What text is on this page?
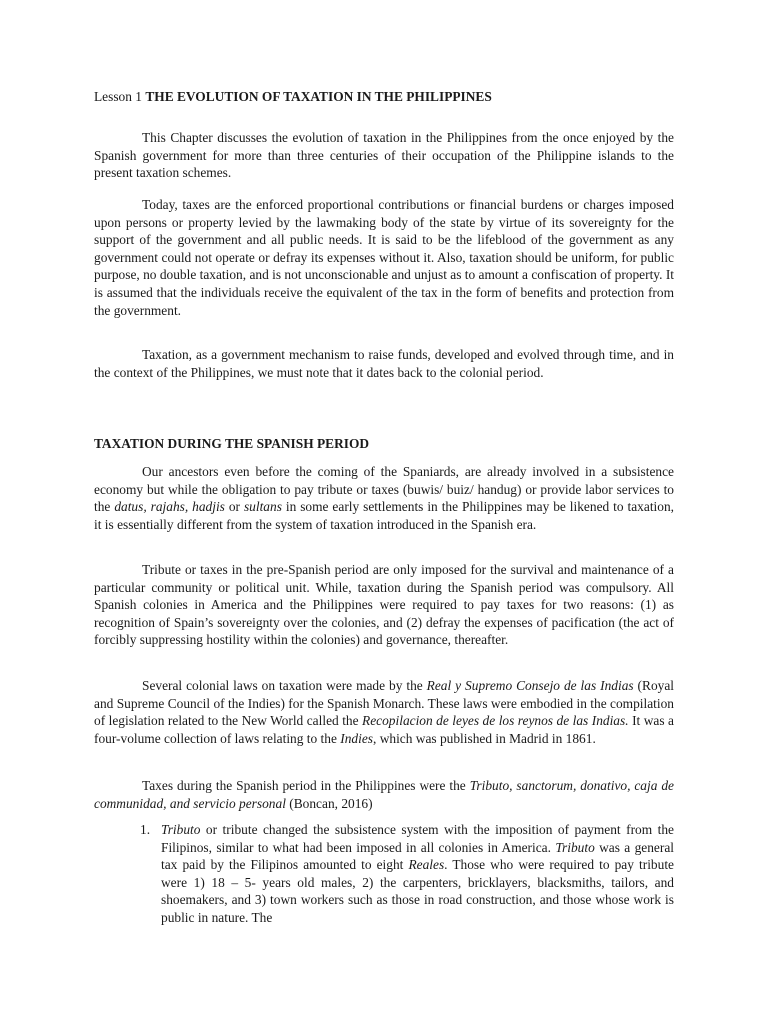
Lesson 1 THE EVOLUTION OF TAXATION IN THE PHILIPPINES

This Chapter discusses the evolution of taxation in the Philippines from the once enjoyed by the Spanish government for more than three centuries of their occupation of the Philippine islands to the present taxation schemes.

Today, taxes are the enforced proportional contributions or financial burdens or charges imposed upon persons or property levied by the lawmaking body of the state by virtue of its sovereignty for the support of the government and all public needs. It is said to be the lifeblood of the government as any government could not operate or defray its expenses without it. Also, taxation should be uniform, for public purpose, no double taxation, and is not unconscionable and unjust as to amount a confiscation of property. It is assumed that the individuals receive the equivalent of the tax in the form of benefits and protection from the government.

Taxation, as a government mechanism to raise funds, developed and evolved through time, and in the context of the Philippines, we must note that it dates back to the colonial period.

TAXATION DURING THE SPANISH PERIOD

Our ancestors even before the coming of the Spaniards, are already involved in a subsistence economy but while the obligation to pay tribute or taxes (buwis/ buiz/ handug) or provide labor services to the datus, rajahs, hadjis or sultans in some early settlements in the Philippines may be likened to taxation, it is essentially different from the system of taxation introduced in the Spanish era.

Tribute or taxes in the pre-Spanish period are only imposed for the survival and maintenance of a particular community or political unit. While, taxation during the Spanish period was compulsory. All Spanish colonies in America and the Philippines were required to pay taxes for two reasons: (1) as recognition of Spain’s sovereignty over the colonies, and (2) defray the expenses of pacification (the act of forcibly suppressing hostility within the colonies) and governance, thereafter.

Several colonial laws on taxation were made by the Real y Supremo Consejo de las Indias (Royal and Supreme Council of the Indies) for the Spanish Monarch. These laws were embodied in the compilation of legislation related to the New World called the Recopilacion de leyes de los reynos de las Indias. It was a four-volume collection of laws relating to the Indies, which was published in Madrid in 1861.

Taxes during the Spanish period in the Philippines were the Tributo, sanctorum, donativo, caja de communidad, and servicio personal (Boncan, 2016)

1. Tributo or tribute changed the subsistence system with the imposition of payment from the Filipinos, similar to what had been imposed in all colonies in America. Tributo was a general tax paid by the Filipinos amounted to eight Reales. Those who were required to pay tribute were 1) 18 – 5- years old males, 2) the carpenters, bricklayers, blacksmiths, tailors, and shoemakers, and 3) town workers such as those in road construction, and those whose work is public in nature. The
